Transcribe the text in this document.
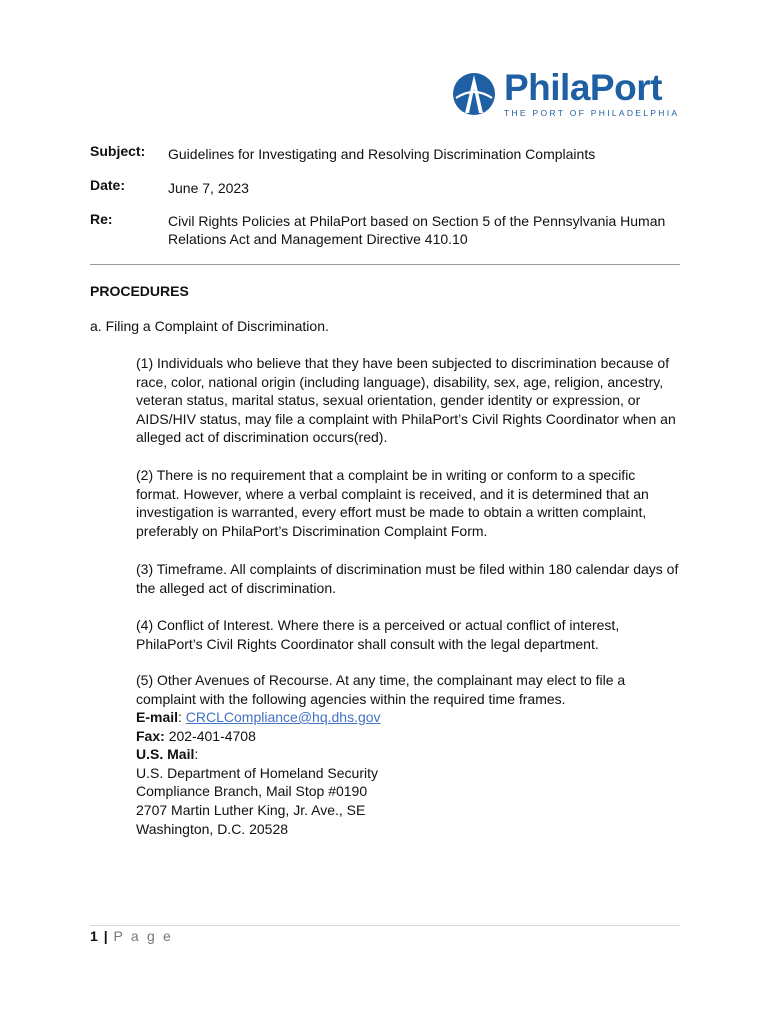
PhilaPort
THE PORT OF PHILADELPHIA
Subject: Guidelines for Investigating and Resolving Discrimination Complaints
Date:	June 7, 2023
Re:	Civil Rights Policies at PhilaPort based on Section 5 of the Pennsylvania Human Relations Act and Management Directive 410.10
PROCEDURES
a. Filing a Complaint of Discrimination.

(1) Individuals who believe that they have been subjected to discrimination because of race, color, national origin (including language), disability, sex, age, religion, ancestry, veteran status, marital status, sexual orientation, gender identity or expression, or AIDS/HIV status, may file a complaint with PhilaPort’s Civil Rights Coordinator when an alleged act of discrimination occurs(red).

(2) There is no requirement that a complaint be in writing or conform to a specific format. However, where a verbal complaint is received, and it is determined that an investigation is warranted, every effort must be made to obtain a written complaint, preferably on PhilaPort’s Discrimination Complaint Form.

(3) Timeframe. All complaints of discrimination must be filed within 180 calendar days of the alleged act of discrimination.

(4) Conflict of Interest. Where there is a perceived or actual conflict of interest, PhilaPort’s Civil Rights Coordinator shall consult with the legal department.

(5) Other Avenues of Recourse. At any time, the complainant may elect to file a complaint with the following agencies within the required time frames.

E-mail: CRCLCompliance@hq.dhs.gov
Fax: 202-401-4708
U.S. Mail:
U.S. Department of Homeland Security
Compliance Branch, Mail Stop #0190
2707 Martin Luther King, Jr. Ave., SE
Washington, D.C. 20528
1 | P a g e
